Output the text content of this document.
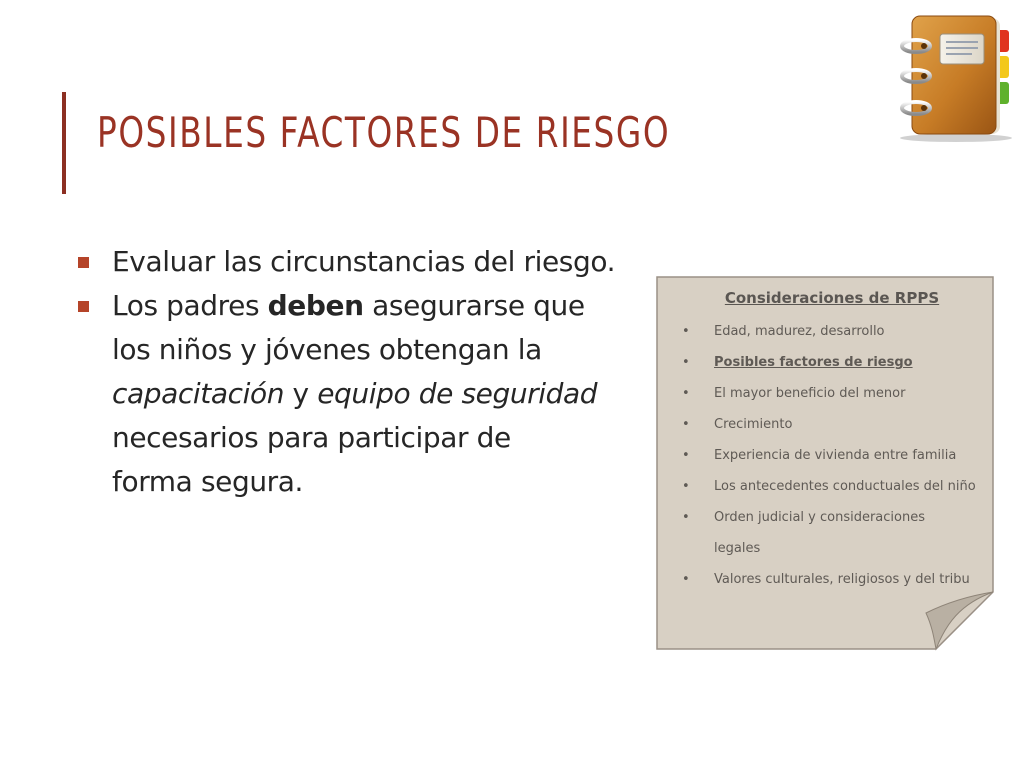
POSIBLES FACTORES DE RIESGO
Evaluar las circunstancias del riesgo.
Los padres deben asegurarse que
los niños y jóvenes obtengan la
capacitación y equipo de seguridad
necesarios para participar de
forma segura.
Consideraciones de RPPS
• Edad, madurez, desarrollo
• Posibles factores de riesgo
• El mayor beneficio del menor
• Crecimiento
• Experiencia de vivienda entre familia
• Los antecedentes conductuales del niño
• Orden judicial y consideraciones
legales
• Valores culturales, religiosos y del tribu
